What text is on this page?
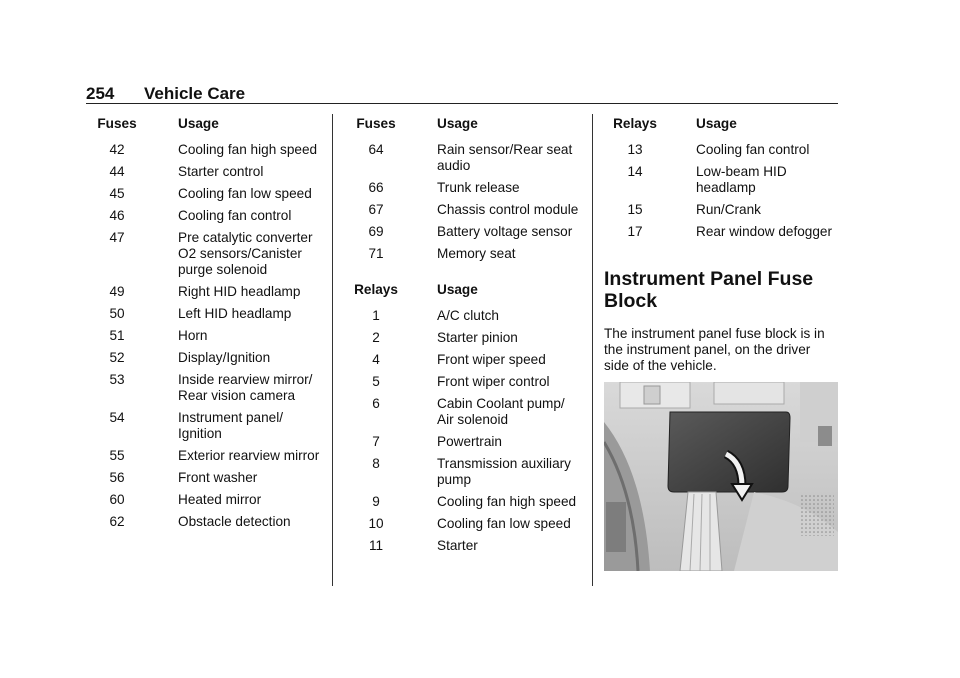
254 Vehicle Care
Fuses	Usage
42	Cooling fan high speed
44	Starter control
45	Cooling fan low speed
46	Cooling fan control
47	Pre catalytic converter O2 sensors/Canister purge solenoid
49	Right HID headlamp
50	Left HID headlamp
51	Horn
52	Display/Ignition
53	Inside rearview mirror/ Rear vision camera
54	Instrument panel/ Ignition
55	Exterior rearview mirror
56	Front washer
60	Heated mirror
62	Obstacle detection
Fuses	Usage
64	Rain sensor/Rear seat audio
66	Trunk release
67	Chassis control module
69	Battery voltage sensor
71	Memory seat
Relays	Usage
1	A/C clutch
2	Starter pinion
4	Front wiper speed
5	Front wiper control
6	Cabin Coolant pump/ Air solenoid
7	Powertrain
8	Transmission auxiliary pump
9	Cooling fan high speed
10	Cooling fan low speed
11	Starter
Relays	Usage
13	Cooling fan control
14	Low-beam HID headlamp
15	Run/Crank
17	Rear window defogger
Instrument Panel Fuse Block
The instrument panel fuse block is in the instrument panel, on the driver side of the vehicle.
